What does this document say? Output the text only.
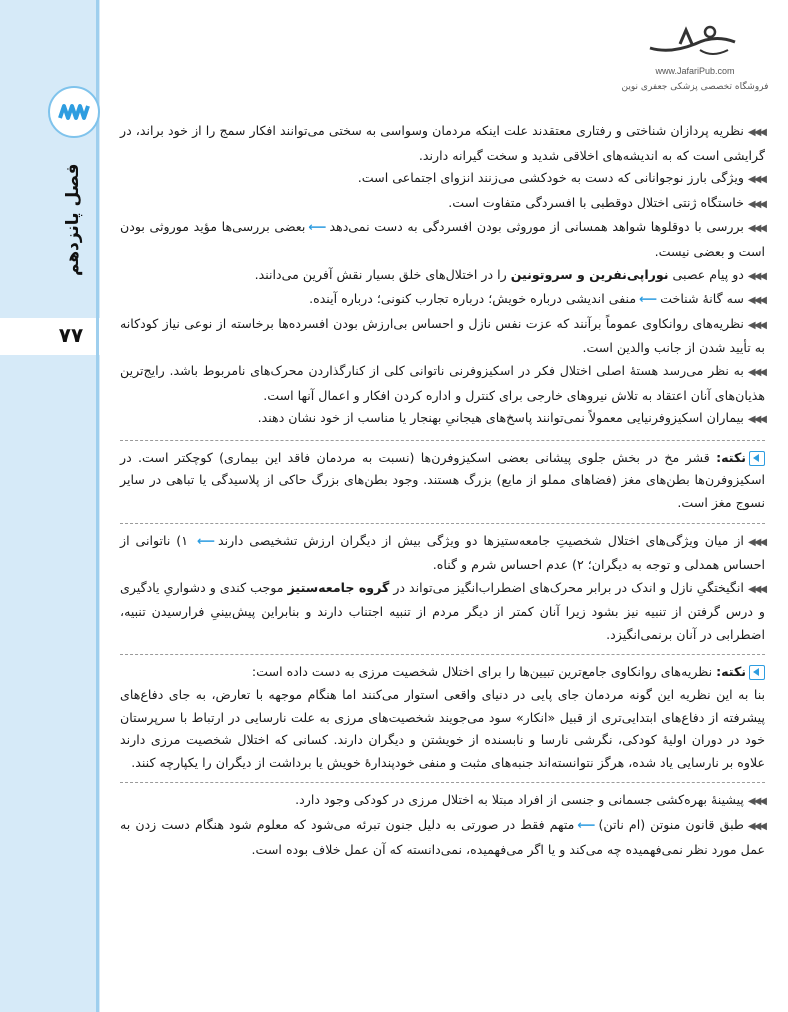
فصل پانزدهم
۷۷
www.JafariPub.com
فروشگاه تخصصی پزشکی جعفری نوین

◀◀◀نظریه پردازان شناختی و رفتاری معتقدند علت اینکه مردمان وسواسی به سختی می‌توانند افکار سمج را از خود براند، در گرایشی است که به اندیشه‌های اخلاقی شدید و سخت گیرانه دارند.

◀◀◀ویژگی بارز نوجوانانی که دست به خودکشی می‌زنند انزوای اجتماعی است.

◀◀◀خاستگاه ژنتی اختلال دوقطبی با افسردگی متفاوت است.

◀◀◀بررسی با دوقلوها شواهد همسانی از موروثی بودن افسردگی به دست نمی‌دهد⟵بعضی بررسی‌ها مؤید موروثی بودن است و بعضی نیست.

◀◀◀دو پیام عصبی نوراپی‌نفرین و سروتونین را در اختلال‌های خلق بسیار نقش آفرین می‌دانند.

◀◀◀سه گانهٔ شناخت⟵منفی اندیشی درباره خویش؛ درباره تجارب کنونی؛ درباره آینده.

◀◀◀نظریه‌های روانکاوی عموماً برآنند که عزت نفس نازل و احساس بی‌ارزش بودن افسرده‌ها برخاسته از نوعی نیاز کودکانه به تأیید شدن از جانب والدین است.

◀◀◀به نظر می‌رسد هستهٔ اصلی اختلال فکر در اسکیزوفرنی ناتوانی کلی از کنارگذاردن محرک‌های نامربوط باشد. رایج‌ترین هذیان‌های آنان اعتقاد به تلاش نیروهای خارجی برای کنترل و اداره کردن افکار و اعمال آنها است.

◀◀◀بیماران اسکیزوفرنیایی معمولاً نمی‌توانند پاسخ‌های هیجانیِ بهنجار یا مناسب از خود نشان دهند.

نکته: قشر مخ در بخش جلوی پیشانی بعضی اسکیزوفرن‌ها (نسبت به مردمان فاقد این بیماری) کوچکتر است. در اسکیزوفرن‌ها بطن‌های مغز (فضاهای مملو از مایع) بزرگ هستند. وجود بطن‌های بزرگ حاکی از پلاسیدگی یا تباهی در سایر نسوج مغز است.

◀◀◀از میان ویژگی‌های اختلال شخصیتِ جامعه‌ستیزها دو ویژگی بیش از دیگران ارزش تشخیصی دارند⟵ ۱) ناتوانی از احساس همدلی و توجه به دیگران؛ ۲) عدم احساس شرم و گناه.

◀◀◀انگیختگیِ نازل و اندک در برابر محرک‌های اضطراب‌انگیز می‌تواند در گروه جامعه‌ستیز موجب کندی و دشواریِ یادگیری و درس گرفتن از تنبیه نیز بشود زیرا آنان کمتر از دیگر مردم از تنبیه اجتناب دارند و بنابراین پیش‌بینیِ فرارسیدن تنبیه، اضطرابی در آنان برنمی‌انگیزد.

نکته: نظریه‌های روانکاوی جامع‌ترین تبیین‌ها را برای اختلال شخصیت مرزی به دست داده است:

بنا به این نظریه این گونه مردمان جای پایی در دنیای واقعی استوار می‌کنند اما هنگام موجهه با تعارض، به جای دفاع‌های پیشرفته از دفاع‌های ابتدایی‌تری از قبیل «انکار» سود می‌جویند شخصیت‌های مرزی به علت نارسایی در ارتباط با سرپرستان خود در دوران اولیهٔ کودکی، نگرشی نارسا و نابسنده از خویشتن و دیگران دارند. کسانی که اختلال شخصیت مرزی دارند علاوه بر نارسایی یاد شده، هرگز نتوانسته‌اند جنبه‌های مثبت و منفی خودپندارهٔ خویش یا برداشت از دیگران را یکپارچه کنند.

◀◀◀پیشینهٔ بهره‌کشی جسمانی و جنسی از افراد مبتلا به اختلال مرزی در کودکی وجود دارد.

◀◀◀طبق قانون منوتن (ام ناتن)⟵متهم فقط در صورتی به دلیل جنون تبرئه می‌شود که معلوم شود هنگام دست زدن به عمل مورد نظر نمی‌فهمیده چه می‌کند و یا اگر می‌فهمیده، نمی‌دانسته که آن عمل خلاف بوده است.
